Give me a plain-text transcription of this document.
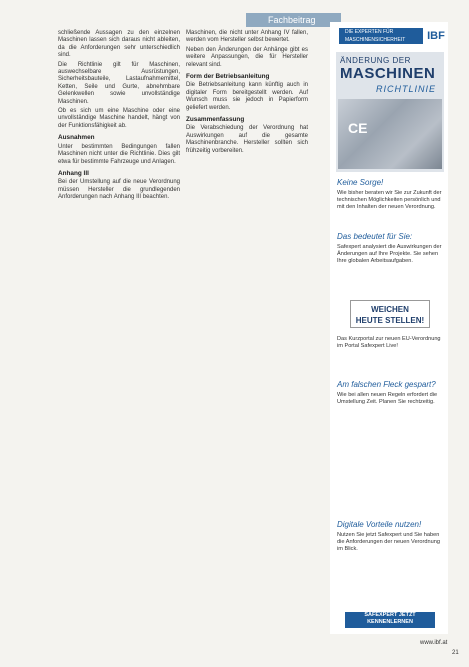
Fachbeitrag

schließende Aussagen zu den einzelnen Maschinen lassen sich daraus nicht ableiten, da die Anforderungen sehr unterschiedlich sind.

Die Richtlinie gilt für Maschinen, auswechselbare Ausrüstungen, Sicherheitsbauteile, Lastaufnahmemittel, Ketten, Seile und Gurte, abnehmbare Gelenkwellen sowie unvollständige Maschinen.

Ob es sich um eine Maschine oder eine unvollständige Maschine handelt, hängt von der Funktionsfähigkeit ab.

Ausnahmen

Unter bestimmten Bedingungen fallen Maschinen nicht unter die Richtlinie. Dies gilt etwa für bestimmte Fahrzeuge und Anlagen.

Anhang III

Bei der Umstellung auf die neue Verordnung müssen Hersteller die grundlegenden Anforderungen nach Anhang III beachten.

Maschinen, die nicht unter Anhang IV fallen, werden vom Hersteller selbst bewertet.

Neben den Änderungen der Anhänge gibt es weitere Anpassungen, die für Hersteller relevant sind.

Form der Betriebsanleitung

Die Betriebsanleitung kann künftig auch in digitaler Form bereitgestellt werden. Auf Wunsch muss sie jedoch in Papierform geliefert werden.

Zusammenfassung

Die Verabschiedung der Verordnung hat Auswirkungen auf die gesamte Maschinenbranche. Hersteller sollten sich frühzeitig vorbereiten.

DIE EXPERTEN FÜR MASCHINENSICHERHEIT	IBF
ÄNDERUNG DER
MASCHINEN
RICHTLINIE
CE
Keine Sorge!
Wie bisher beraten wir Sie zur Zukunft der technischen Möglichkeiten persönlich und mit den Inhalten der neuen Verordnung.
Das bedeutet für Sie:
Safexpert analysiert die Auswirkungen der Änderungen auf Ihre Projekte. Sie sehen Ihre globalen Arbeitsaufgaben.
WEICHEN
HEUTE STELLEN!
Das Kurzportal zur neuen EU-Verordnung im Portal Safexpert Live!
Am falschen Fleck gespart?
Wie bei allen neuen Regeln erfordert die Umstellung Zeit. Planen Sie rechtzeitig.
Digitale Vorteile nutzen!
Nutzen Sie jetzt Safexpert und Sie haben die Anforderungen der neuen Verordnung im Blick.
SAFEXPERT JETZT KENNENLERNEN
www.ibf.at
21
